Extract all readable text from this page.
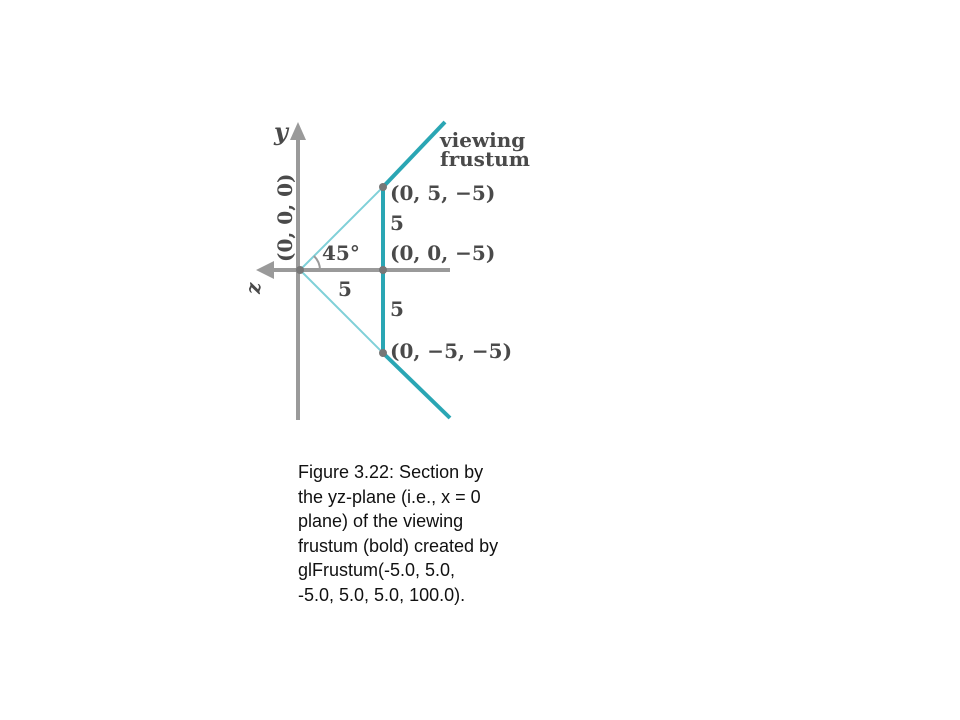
y
z
(0, 0, 0) 45°
5
5
5
(0, 5, −5)
(0, 0, −5)
(0, −5, −5)
viewing
frustum
Figure 3.22: Section by
the yz-plane (i.e., x = 0
plane) of the viewing
frustum (bold) created by
glFrustum(-5.0, 5.0,
-5.0, 5.0, 5.0, 100.0).
